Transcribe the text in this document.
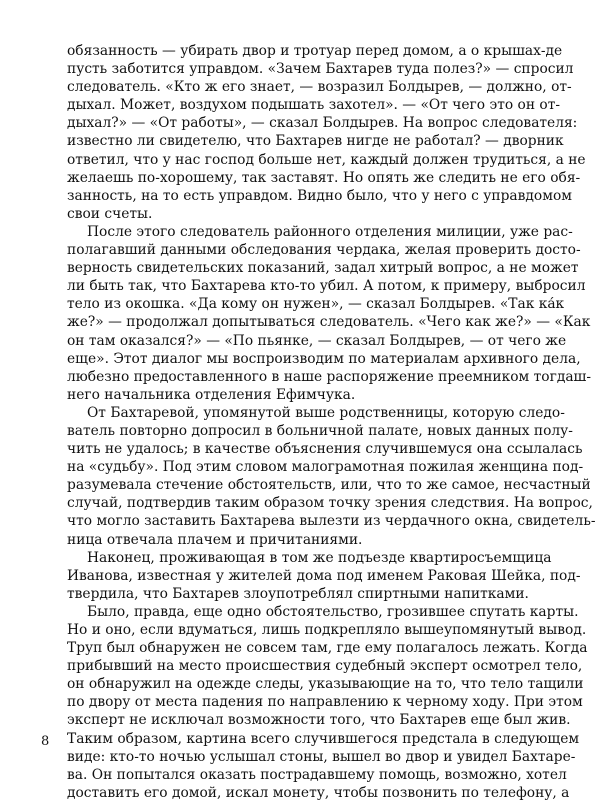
обязанность — убирать двор и тротуар перед домом, а о крышах-де
пусть заботится управдом. «Зачем Бахтарев туда полез?» — спросил
следователь. «Кто ж его знает, — возразил Болдырев, — должно, от-
дыхал. Может, воздухом подышать захотел». — «От чего это он от-
дыхал?» — «От работы», — сказал Болдырев. На вопрос следователя:
известно ли свидетелю, что Бахтарев нигде не работал? — дворник
ответил, что у нас господ больше нет, каждый должен трудиться, а не
желаешь по-хорошему, так заставят. Но опять же следить не его обя-
занность, на то есть управдом. Видно было, что у него с управдомом
свои счеты.
После этого следователь районного отделения милиции, уже рас-
полагавший данными обследования чердака, желая проверить досто-
верность свидетельских показаний, задал хитрый вопрос, а не может
ли быть так, что Бахтарева кто-то убил. А потом, к примеру, выбросил
тело из окошка. «Да кому он нужен», — сказал Болдырев. «Так ка́к
же?» — продолжал допытываться следователь. «Чего как же?» — «Как
он там оказался?» — «По пьянке, — сказал Болдырев, — от чего же
еще». Этот диалог мы воспроизводим по материалам архивного дела,
любезно предоставленного в наше распоряжение преемником тогдаш-
него начальника отделения Ефимчука.
От Бахтаревой, упомянутой выше родственницы, которую следо-
ватель повторно допросил в больничной палате, новых данных полу-
чить не удалось; в качестве объяснения случившемуся она ссылалась
на «судьбу». Под этим словом малограмотная пожилая женщина под-
разумевала стечение обстоятельств, или, что то же самое, несчастный
случай, подтвердив таким образом точку зрения следствия. На вопрос,
что могло заставить Бахтарева вылезти из чердачного окна, свидетель-
ница отвечала плачем и причитаниями.
Наконец, проживающая в том же подъезде квартиросъемщица
Иванова, известная у жителей дома под именем Раковая Шейка, под-
твердила, что Бахтарев злоупотреблял спиртными напитками.
Было, правда, еще одно обстоятельство, грозившее спутать карты.
Но и оно, если вдуматься, лишь подкрепляло вышеупомянутый вывод.
Труп был обнаружен не совсем там, где ему полагалось лежать. Когда
прибывший на место происшествия судебный эксперт осмотрел тело,
он обнаружил на одежде следы, указывающие на то, что тело тащили
по двору от места падения по направлению к черному ходу. При этом
эксперт не исключал возможности того, что Бахтарев еще был жив.
Таким образом, картина всего случившегося предстала в следующем
виде: кто-то ночью услышал стоны, вышел во двор и увидел Бахтаре-
ва. Он попытался оказать пострадавшему помощь, возможно, хотел
доставить его домой, искал монету, чтобы позвонить по телефону, а
8
